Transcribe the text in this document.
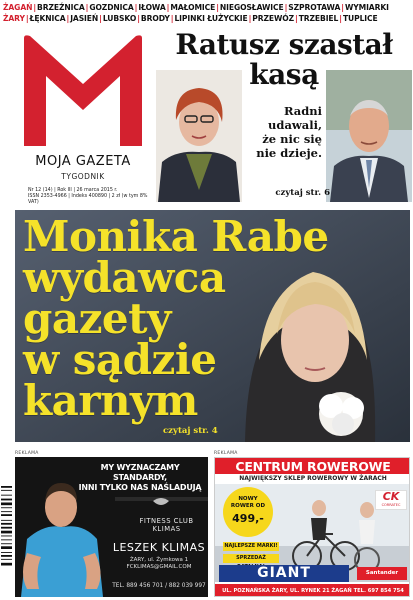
ŻAGAŃ|BRZEŹNICA|GOZDNICA|IŁOWA|MAŁOMICE|NIEGOSŁAWICE|SZPROTAWA|WYMIARKI
ŻARY|ŁĘKNICA|JASIEŃ|LUBSKO|BRODY|LIPINKI ŁUŻYCKIE|PRZEWÓZ|TRZEBIEL|TUPLICE
MOJA GAZETA
TYGODNIK
Nr 12 (14) | Rok III | 26 marca 2015 r.
ISSN 2353-4966 | Indeks 400890 | 2 zł (w tym 8% VAT)
Ratusz szastał kasą
Radni
udawali,
że nic się
nie dzieje.
czytaj str. 6
Monika Rabe
wydawca
gazety
w sądzie
karnym
czytaj str. 4
REKLAMA	REKLAMA
MY WYZNACZAMY STANDARDY,
INNI TYLKO NAS NAŚLADUJĄ
FITNESS CLUB
KLIMAS
LESZEK KLIMAS
ŻARY, ul. Żymkowa 1
FCKLIMAS@GMAIL.COM
TEL. 889 456 701 / 882 039 997
CENTRUM ROWEROWE
NAJWIĘKSZY SKLEP ROWEROWY W ŻARACH
NOWY
ROWER OD
499,-
CK
CORRATEC
NAJLEPSZE MARKI!
SPRZEDAŻ
GIANT	Santander
UL. POZNAŃSKA ŻARY, UL. RYNEK 21 ŻAGAŃ TEL. 697 854 754
